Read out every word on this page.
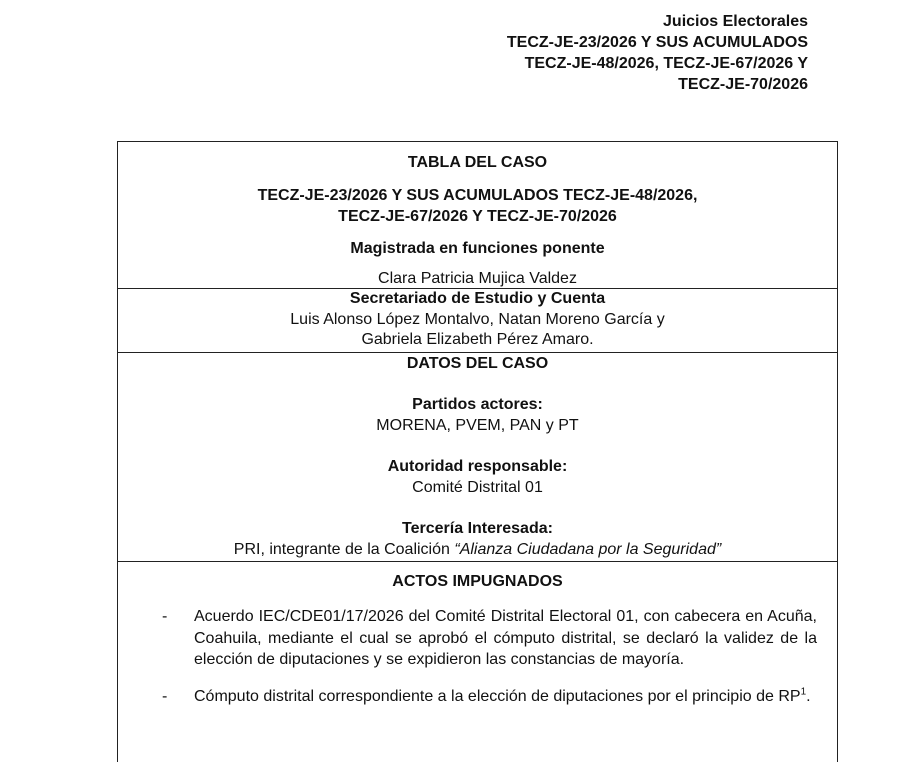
Juicios Electorales
TECZ-JE-23/2026 Y SUS ACUMULADOS
TECZ-JE-48/2026, TECZ-JE-67/2026 Y
TECZ-JE-70/2026
TABLA DEL CASO
TECZ-JE-23/2026 Y SUS ACUMULADOS TECZ-JE-48/2026,
TECZ-JE-67/2026 Y TECZ-JE-70/2026
Magistrada en funciones ponente
Clara Patricia Mujica Valdez
Secretariado de Estudio y Cuenta
Luis Alonso López Montalvo, Natan Moreno García y
Gabriela Elizabeth Pérez Amaro.
DATOS DEL CASO
Partidos actores:
MORENA, PVEM, PAN y PT
Autoridad responsable:
Comité Distrital 01
Tercería Interesada:
PRI, integrante de la Coalición “Alianza Ciudadana por la Seguridad”
ACTOS IMPUGNADOS
-	Acuerdo IEC/CDE01/17/2026 del Comité Distrital Electoral 01, con cabecera en Acuña, Coahuila, mediante el cual se aprobó el cómputo distrital, se declaró la validez de la elección de diputaciones y se expidieron las constancias de mayoría.
-	Cómputo distrital correspondiente a la elección de diputaciones por el principio de $RP^1$.
